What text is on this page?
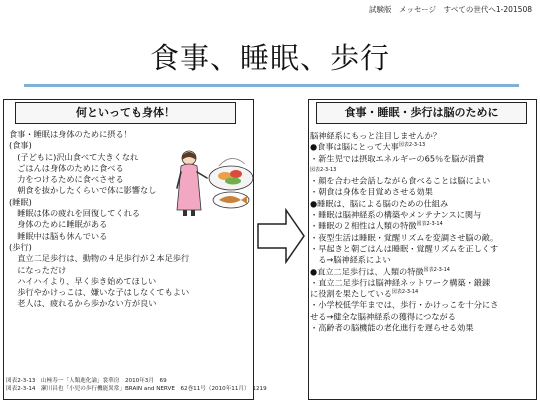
試験版　メッセージ　すべての世代へ1-201508
食事、睡眠、歩行
何といっても身体！	食事・睡眠・歩行は脳のために
食事・睡眠は身体のために摂る！
(食事)
　(子どもに)沢山食べて大きくなれ
　ごはんは身体のために食べる
　力をつけるために食べさせる
　朝食を抜かしたくらいで体に影響なし
(睡眠)
　睡眠は体の疲れを回復してくれる
　身体のために睡眠がある
　睡眠中は脳も休んでいる
(歩行)
　直立二足歩行は、動物の４足歩行が２本足歩行
　になっただけ
　ハイハイより、早く歩き始めてほしい
　歩行やかけっこは、嫌いな子はしなくてもよい
　老人は、疲れるから歩かない方が良い
脳神経系にもっと注目しませんか？
●食事は脳にとって大事$^{図表2-3-13}$
・新生児では摂取エネルギーの65％を脳が消費
図表2-3-13
・顔を合わせ会話しながら食べることは脳によい
・朝食は身体を目覚めさせる効果
●睡眠は、脳による脳のための仕組み
・睡眠は脳神経系の構築やメンテナンスに関与
・睡眠の２相性は人類の特徴$^{図表2-3-14}$
・夜型生活は睡眠・覚醒リズムを変調させ脳の敵。
・早起きと朝ごはんは睡眠・覚醒リズムを正しくす
　る→脳神経系によい
●直立二足歩行は、人類の特徴$^{図表2-3-14}$
・直立二足歩行は脳神経ネットワーク構築・鍛錬
に役割を果たしている$^{図表2-3-14}$
・小学校低学年までは、歩行・かけっこを十分にさ
せる→健全な脳神経系の獲得につながる
・高齢者の脳機能の老化進行を遅らせる効果
図表2-3-13　山極寿一「人類進化論」裳華房　2010年3月　69
図表2-3-14　瀬川昌也「小児の歩行機能異常」BRAIN and NERVE　62巻11号（2010年11月）　1219
